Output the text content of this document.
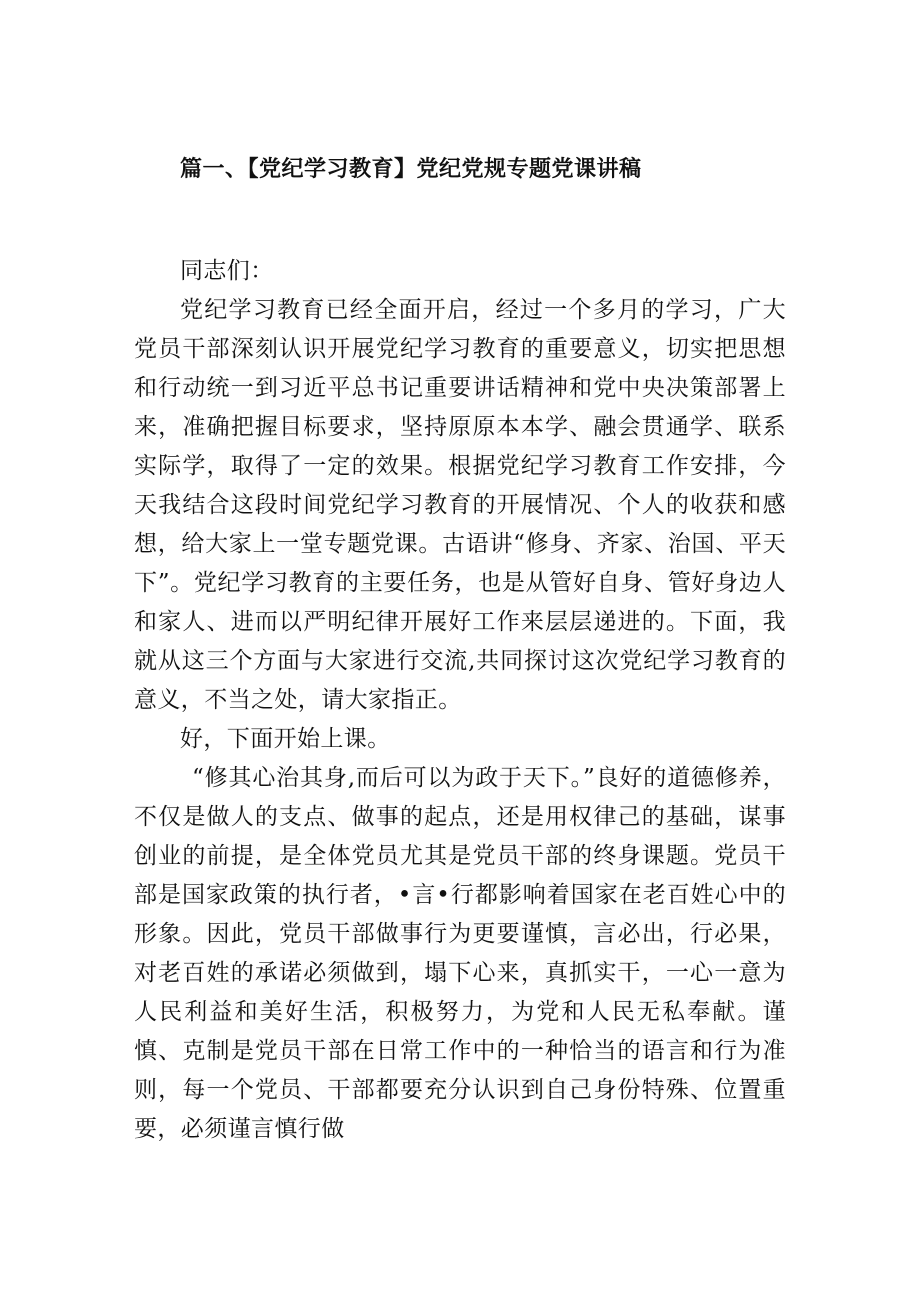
篇一、【党纪学习教育】党纪党规专题党课讲稿

同志们：

党纪学习教育已经全面开启，经过一个多月的学习，广大党员干部深刻认识开展党纪学习教育的重要意义，切实把思想和行动统一到习近平总书记重要讲话精神和党中央决策部署上来，准确把握目标要求，坚持原原本本学、融会贯通学、联系实际学，取得了一定的效果。根据党纪学习教育工作安排，今天我结合这段时间党纪学习教育的开展情况、个人的收获和感想，给大家上一堂专题党课。古语讲“修身、齐家、治国、平天下”。党纪学习教育的主要任务，也是从管好自身、管好身边人和家人、进而以严明纪律开展好工作来层层递进的。下面，我就从这三个方面与大家进行交流,共同探讨这次党纪学习教育的意义，不当之处，请大家指正。

好，下面开始上课。

“修其心治其身,而后可以为政于天下。”良好的道德修养，不仅是做人的支点、做事的起点，还是用权律己的基础，谋事创业的前提，是全体党员尤其是党员干部的终身课题。党员干部是国家政策的执行者，•言•行都影响着国家在老百姓心中的形象。因此，党员干部做事行为更要谨慎，言必出，行必果，对老百姓的承诺必须做到，塌下心来，真抓实干，一心一意为人民利益和美好生活，积极努力，为党和人民无私奉献。谨慎、克制是党员干部在日常工作中的一种恰当的语言和行为准则，每一个党员、干部都要充分认识到自己身份特殊、位置重要，必须谨言慎行做
